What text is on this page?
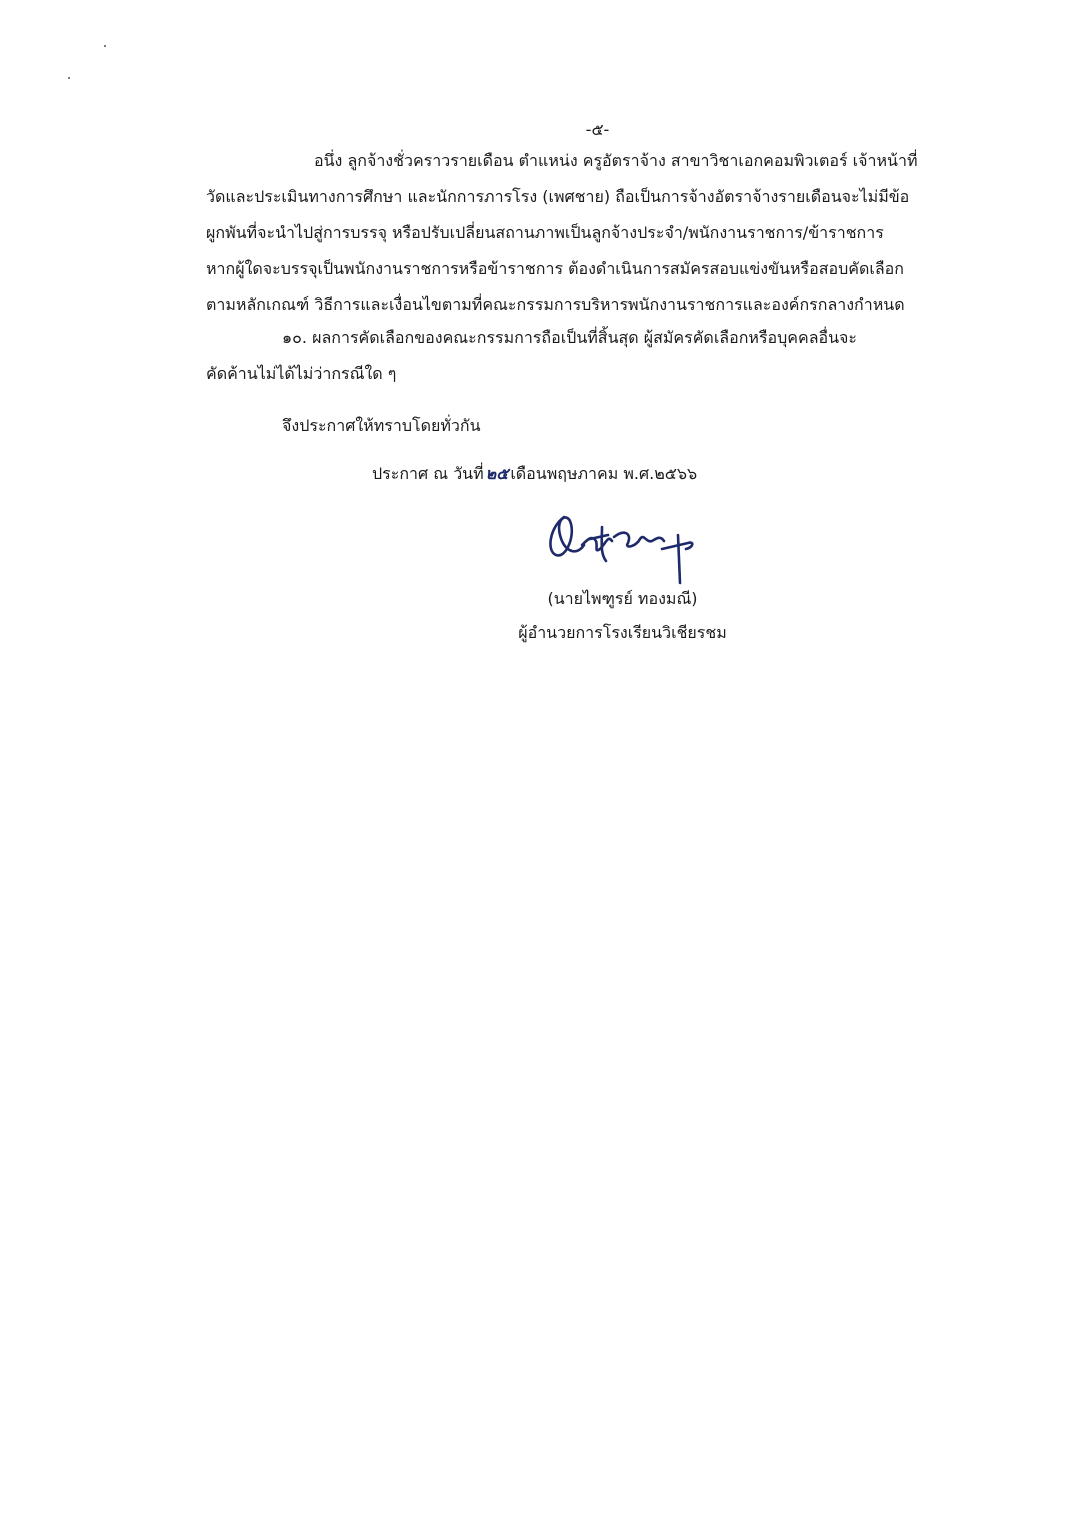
-๕-
อนึ่ง ลูกจ้างชั่วคราวรายเดือน ตำแหน่ง ครูอัตราจ้าง สาขาวิชาเอกคอมพิวเตอร์ เจ้าหน้าที่
วัดและประเมินทางการศึกษา และนักการภารโรง (เพศชาย) ถือเป็นการจ้างอัตราจ้างรายเดือนจะไม่มีข้อ
ผูกพันที่จะนำไปสู่การบรรจุ หรือปรับเปลี่ยนสถานภาพเป็นลูกจ้างประจำ/พนักงานราชการ/ข้าราชการ
หากผู้ใดจะบรรจุเป็นพนักงานราชการหรือข้าราชการ ต้องดำเนินการสมัครสอบแข่งขันหรือสอบคัดเลือก
ตามหลักเกณฑ์ วิธีการและเงื่อนไขตามที่คณะกรรมการบริหารพนักงานราชการและองค์กรกลางกำหนด
๑๐. ผลการคัดเลือกของคณะกรรมการถือเป็นที่สิ้นสุด ผู้สมัครคัดเลือกหรือบุคคลอื่นจะ
คัดค้านไม่ได้ไม่ว่ากรณีใด ๆ
จึงประกาศให้ทราบโดยทั่วกัน
ประกาศ ณ วันที่ ๒๕ เดือนพฤษภาคม พ.ศ.๒๕๖๖
(นายไพฑูรย์ ทองมณี)
ผู้อำนวยการโรงเรียนวิเชียรชม
